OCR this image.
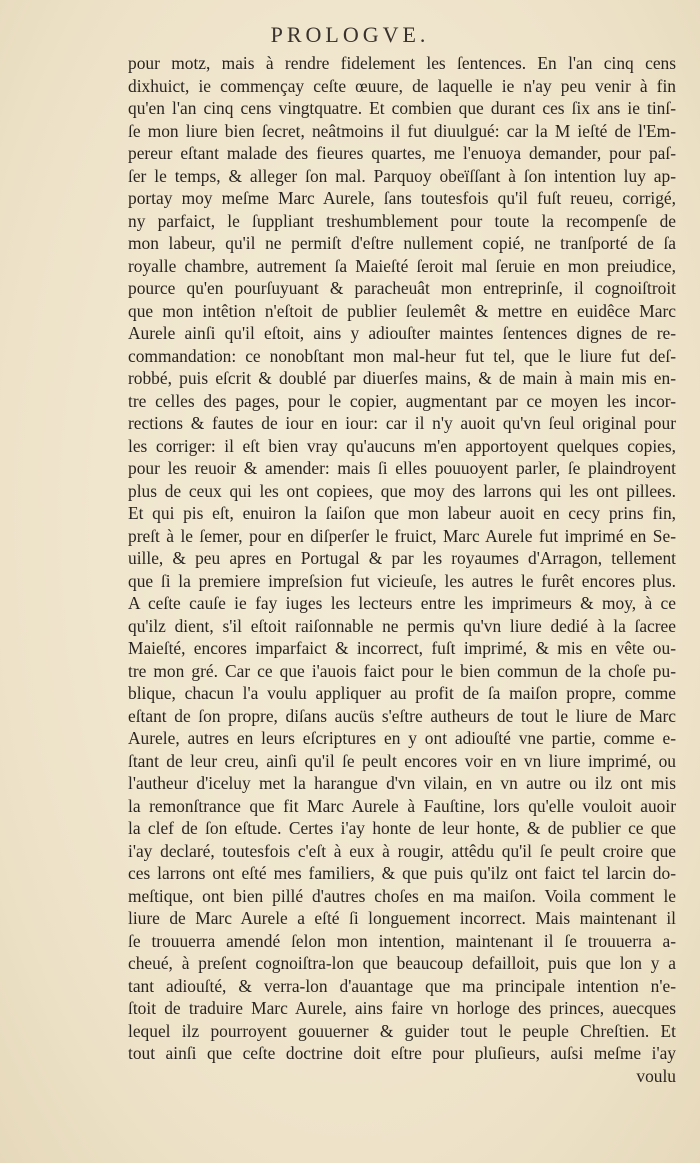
PROLOGVE.
pour motz, mais à rendre fidelement les ſentences. En l'an cinq cens
dixhuict, ie commençay ceſte œuure, de laquelle ie n'ay peu venir à fin
qu'en l'an cinq cens vingtquatre. Et combien que durant ces ſix ans ie tinſ-
ſe mon liure bien ſecret, neâtmoins il fut diuulgué: car la M ieſté de l'Em-
pereur eſtant malade des fieures quartes, me l'enuoya demander, pour paſ-
ſer le temps, & alleger ſon mal. Parquoy obeïſſant à ſon intention luy ap-
portay moy meſme Marc Aurele, ſans toutesfois qu'il fuſt reueu, corrigé,
ny parfaict, le ſuppliant treshumblement pour toute la recompenſe de
mon labeur, qu'il ne permiſt d'eſtre nullement copié, ne tranſporté de ſa
royalle chambre, autrement ſa Maieſté ſeroit mal ſeruie en mon preiudice,
pource qu'en pourſuyuant & paracheuât mon entreprinſe, il cognoiſtroit
que mon intêtion n'eſtoit de publier ſeulemêt & mettre en euidêce Marc
Aurele ainſi qu'il eſtoit, ains y adiouſter maintes ſentences dignes de re-
commandation: ce nonobſtant mon mal-heur fut tel, que le liure fut deſ-
robbé, puis eſcrit & doublé par diuerſes mains, & de main à main mis en-
tre celles des pages, pour le copier, augmentant par ce moyen les incor-
rections & fautes de iour en iour: car il n'y auoit qu'vn ſeul original pour
les corriger: il eſt bien vray qu'aucuns m'en apportoyent quelques copies,
pour les reuoir & amender: mais ſi elles pouuoyent parler, ſe plaindroyent
plus de ceux qui les ont copiees, que moy des larrons qui les ont pillees.
Et qui pis eſt, enuiron la ſaiſon que mon labeur auoit en cecy prins fin,
preſt à le ſemer, pour en diſperſer le fruict, Marc Aurele fut imprimé en Se-
uille, & peu apres en Portugal & par les royaumes d'Arragon, tellement
que ſi la premiere impreſsion fut vicieuſe, les autres le furêt encores plus.
A ceſte cauſe ie fay iuges les lecteurs entre les imprimeurs & moy, à ce
qu'ilz dient, s'il eſtoit raiſonnable ne permis qu'vn liure dedié à la ſacree
Maieſté, encores imparfaict & incorrect, fuſt imprimé, & mis en vête ou-
tre mon gré. Car ce que i'auois faict pour le bien commun de la choſe pu-
blique, chacun l'a voulu appliquer au profit de ſa maiſon propre, comme
eſtant de ſon propre, diſans aucüs s'eſtre autheurs de tout le liure de Marc
Aurele, autres en leurs eſcriptures en y ont adiouſté vne partie, comme e-
ſtant de leur creu, ainſi qu'il ſe peult encores voir en vn liure imprimé, ou
l'autheur d'iceluy met la harangue d'vn vilain, en vn autre ou ilz ont mis
la remonſtrance que fit Marc Aurele à Fauſtine, lors qu'elle vouloit auoir
la clef de ſon eſtude. Certes i'ay honte de leur honte, & de publier ce que
i'ay declaré, toutesfois c'eſt à eux à rougir, attêdu qu'il ſe peult croire que
ces larrons ont eſté mes familiers, & que puis qu'ilz ont faict tel larcin do-
meſtique, ont bien pillé d'autres choſes en ma maiſon. Voila comment le
liure de Marc Aurele a eſté ſi longuement incorrect. Mais maintenant il
ſe trouuerra amendé ſelon mon intention, maintenant il ſe trouuerra a-
cheué, à preſent cognoiſtra-lon que beaucoup defailloit, puis que lon y a
tant adiouſté, & verra-lon d'auantage que ma principale intention n'e-
ſtoit de traduire Marc Aurele, ains faire vn horloge des princes, auecques
lequel ilz pourroyent gouuerner & guider tout le peuple Chreſtien. Et
tout ainſi que ceſte doctrine doit eſtre pour pluſieurs, auſsi meſme i'ay
voulu
